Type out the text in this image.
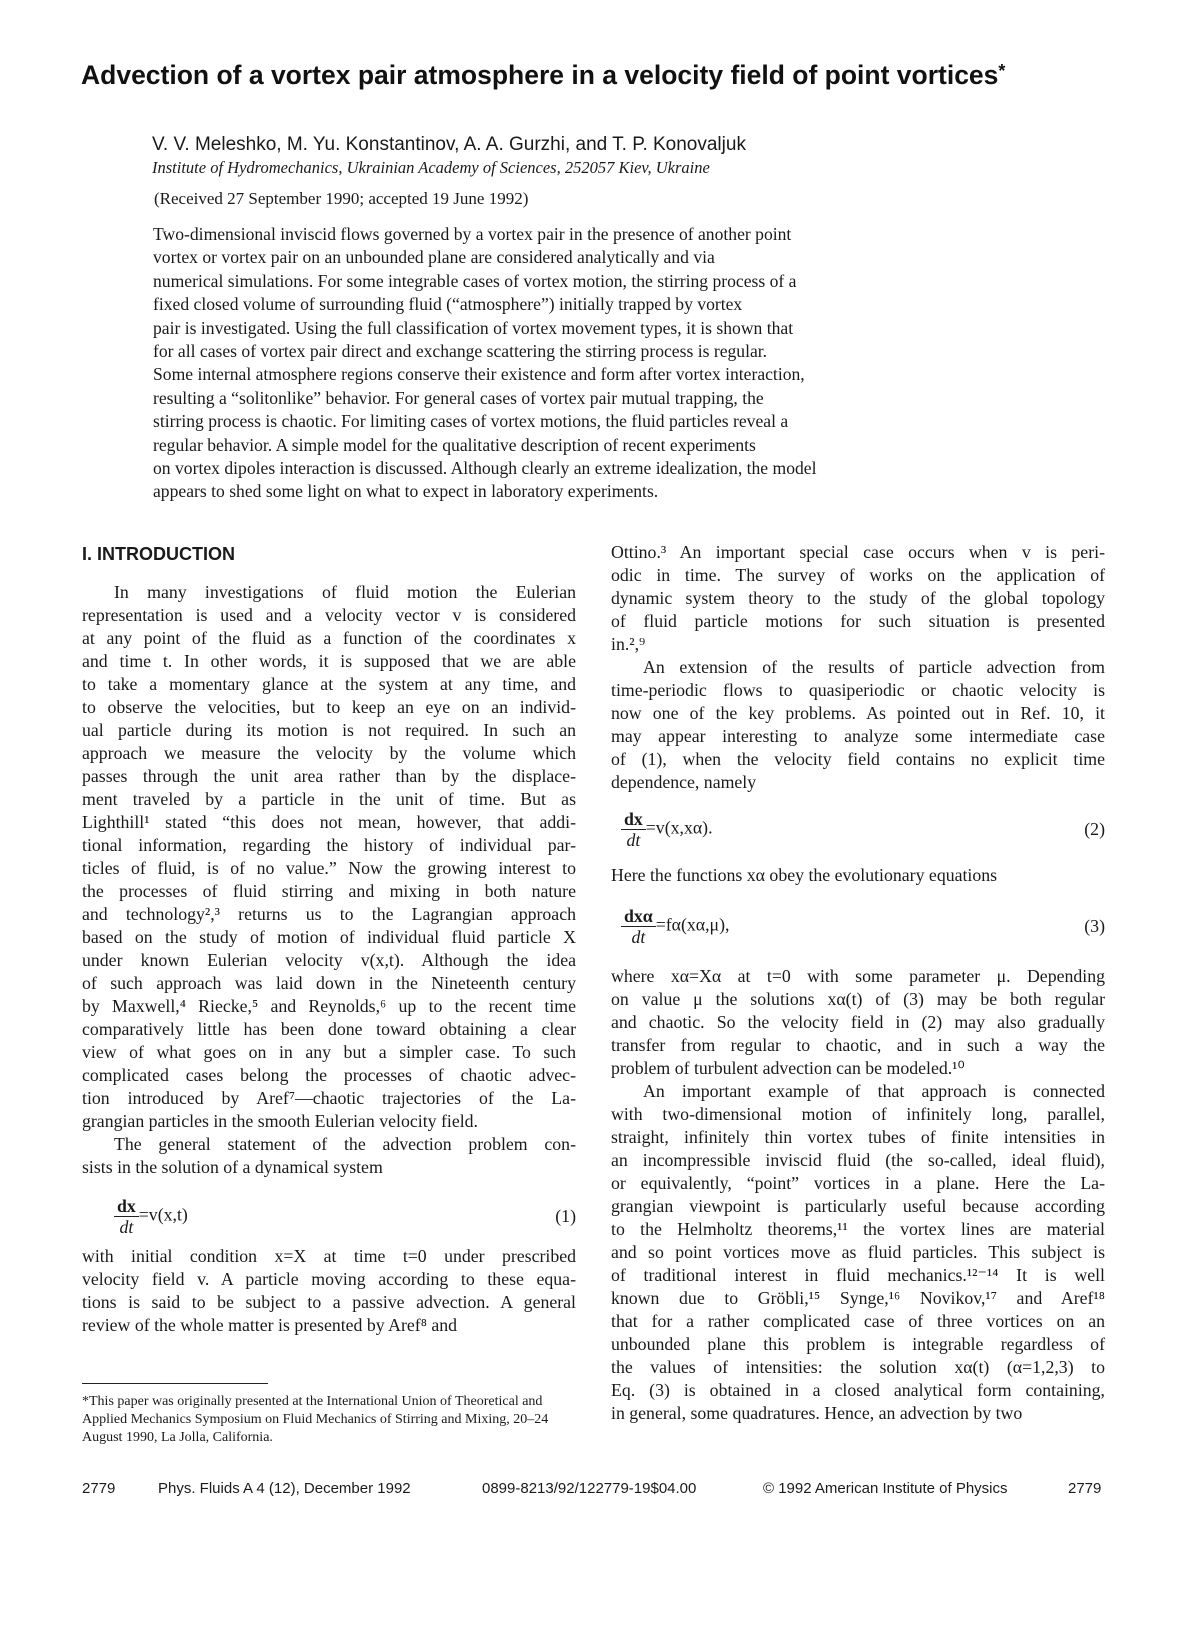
Advection of a vortex pair atmosphere in a velocity field of point vortices*
V. V. Meleshko, M. Yu. Konstantinov, A. A. Gurzhi, and T. P. Konovaljuk
Institute of Hydromechanics, Ukrainian Academy of Sciences, 252057 Kiev, Ukraine
(Received 27 September 1990; accepted 19 June 1992)
Two-dimensional inviscid flows governed by a vortex pair in the presence of another point
vortex or vortex pair on an unbounded plane are considered analytically and via
numerical simulations. For some integrable cases of vortex motion, the stirring process of a
fixed closed volume of surrounding fluid (“atmosphere”) initially trapped by vortex
pair is investigated. Using the full classification of vortex movement types, it is shown that
for all cases of vortex pair direct and exchange scattering the stirring process is regular.
Some internal atmosphere regions conserve their existence and form after vortex interaction,
resulting a “solitonlike” behavior. For general cases of vortex pair mutual trapping, the
stirring process is chaotic. For limiting cases of vortex motions, the fluid particles reveal a
regular behavior. A simple model for the qualitative description of recent experiments
on vortex dipoles interaction is discussed. Although clearly an extreme idealization, the model
appears to shed some light on what to expect in laboratory experiments.
I. INTRODUCTION
In many investigations of fluid motion the Eulerian
representation is used and a velocity vector v is considered
at any point of the fluid as a function of the coordinates x
and time t. In other words, it is supposed that we are able
to take a momentary glance at the system at any time, and
to observe the velocities, but to keep an eye on an individ-
ual particle during its motion is not required. In such an
approach we measure the velocity by the volume which
passes through the unit area rather than by the displace-
ment traveled by a particle in the unit of time. But as
Lighthill¹ stated “this does not mean, however, that addi-
tional information, regarding the history of individual par-
ticles of fluid, is of no value.” Now the growing interest to
the processes of fluid stirring and mixing in both nature
and technology²,³ returns us to the Lagrangian approach
based on the study of motion of individual fluid particle X
under known Eulerian velocity v(x,t). Although the idea
of such approach was laid down in the Nineteenth century
by Maxwell,⁴ Riecke,⁵ and Reynolds,⁶ up to the recent time
comparatively little has been done toward obtaining a clear
view of what goes on in any but a simpler case. To such
complicated cases belong the processes of chaotic advec-
tion introduced by Aref⁷—chaotic trajectories of the La-
grangian particles in the smooth Eulerian velocity field.
The general statement of the advection problem con-
sists in the solution of a dynamical system
$\frac{dx}{dt} =v(x,t)$	(1)
with initial condition x=X at time t=0 under prescribed
velocity field v. A particle moving according to these equa-
tions is said to be subject to a passive advection. A general
review of the whole matter is presented by Aref⁸ and
*This paper was originally presented at the International Union of Theoretical and Applied Mechanics Symposium on Fluid Mechanics of Stirring and Mixing, 20–24 August 1990, La Jolla, California.
Ottino.³ An important special case occurs when v is peri-
odic in time. The survey of works on the application of
dynamic system theory to the study of the global topology
of fluid particle motions for such situation is presented
in.²,⁹
An extension of the results of particle advection from
time-periodic flows to quasiperiodic or chaotic velocity is
now one of the key problems. As pointed out in Ref. 10, it
may appear interesting to analyze some intermediate case
of (1), when the velocity field contains no explicit time
dependence, namely
$\frac{dx}{dt} =v(x,x\alpha)$.	(2)
Here the functions xα obey the evolutionary equations
$\frac{\text{dxα}}{dt} =f\alpha(x\alpha,\mu)$,	(3)
where xα=Xα at t=0 with some parameter μ. Depending
on value μ the solutions xα(t) of (3) may be both regular
and chaotic. So the velocity field in (2) may also gradually
transfer from regular to chaotic, and in such a way the
problem of turbulent advection can be modeled.¹⁰
An important example of that approach is connected
with two-dimensional motion of infinitely long, parallel,
straight, infinitely thin vortex tubes of finite intensities in
an incompressible inviscid fluid (the so-called, ideal fluid),
or equivalently, “point” vortices in a plane. Here the La-
grangian viewpoint is particularly useful because according
to the Helmholtz theorems,¹¹ the vortex lines are material
and so point vortices move as fluid particles. This subject is
of traditional interest in fluid mechanics.¹²⁻¹⁴ It is well
known due to Gröbli,¹⁵ Synge,¹⁶ Novikov,¹⁷ and Aref¹⁸
that for a rather complicated case of three vortices on an
unbounded plane this problem is integrable regardless of
the values of intensities: the solution xα(t) (α=1,2,3) to
Eq. (3) is obtained in a closed analytical form containing,
in general, some quadratures. Hence, an advection by two
2779	Phys. Fluids A 4 (12), December 1992	0899-8213/92/122779-19$04.00	© 1992 American Institute of Physics	2779
